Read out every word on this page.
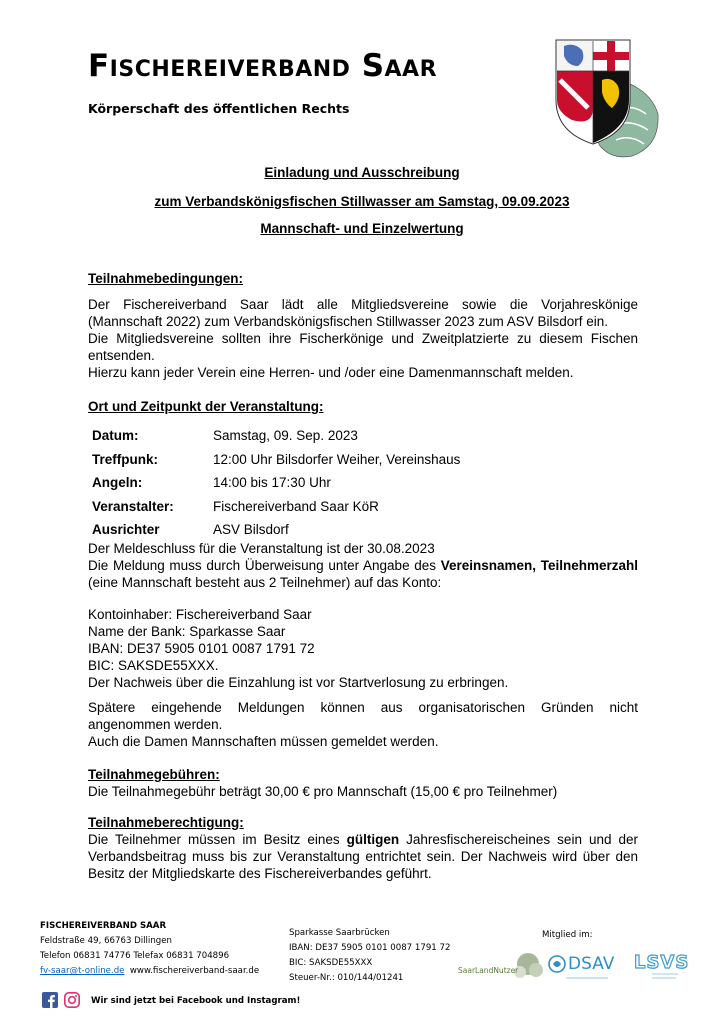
Fischereiverband Saar
Körperschaft des öffentlichen Rechts
Einladung und Ausschreibung
zum Verbandskönigsfischen Stillwasser am Samstag, 09.09.2023
Mannschaft- und Einzelwertung

Teilnahmebedingungen:

Der Fischereiverband Saar lädt alle Mitgliedsvereine sowie die Vorjahreskönige (Mannschaft 2022) zum Verbandskönigsfischen Stillwasser 2023 zum ASV Bilsdorf ein.

Die Mitgliedsvereine sollten ihre Fischerkönige und Zweitplatzierte zu diesem Fischen entsenden.

Hierzu kann jeder Verein eine Herren- und /oder eine Damenmannschaft melden.

Ort und Zeitpunkt der Veranstaltung:

Datum:	Samstag, 09. Sep. 2023
Treffpunk:	12:00 Uhr Bilsdorfer Weiher, Vereinshaus
Angeln:	14:00 bis 17:30 Uhr
Veranstalter:	Fischereiverband Saar KöR
Ausrichter	ASV Bilsdorf

Der Meldeschluss für die Veranstaltung ist der 30.08.2023

Die Meldung muss durch Überweisung unter Angabe des Vereinsnamen, Teilnehmerzahl (eine Mannschaft besteht aus 2 Teilnehmer) auf das Konto:

Kontoinhaber: Fischereiverband Saar

Name der Bank: Sparkasse Saar

IBAN: DE37 5905 0101 0087 1791 72

BIC: SAKSDE55XXX.

Der Nachweis über die Einzahlung ist vor Startverlosung zu erbringen.

Spätere eingehende Meldungen können aus organisatorischen Gründen nicht angenommen werden.

Auch die Damen Mannschaften müssen gemeldet werden.

Teilnahmegebühren:

Die Teilnahmegebühr beträgt 30,00 € pro Mannschaft (15,00 € pro Teilnehmer)

Teilnahmeberechtigung:

Die Teilnehmer müssen im Besitz eines gültigen Jahresfischereischeines sein und der Verbandsbeitrag muss bis zur Veranstaltung entrichtet sein. Der Nachweis wird über den Besitz der Mitgliedskarte des Fischereiverbandes geführt.

FISCHEREIVERBAND SAAR
Feldstraße 49, 66763 Dillingen
Telefon 06831 74776 Telefax 06831 704896
fv-saar@t-online.de www.fischereiverband-saar.de
Sparkasse Saarbrücken
IBAN: DE37 5905 0101 0087 1791 72
BIC: SAKSDE55XXX
Steuer-Nr.: 010/144/01241
Mitglied im:
SaarLandNutzer	DSAV LSVS
Wir sind jetzt bei Facebook und Instagram!
